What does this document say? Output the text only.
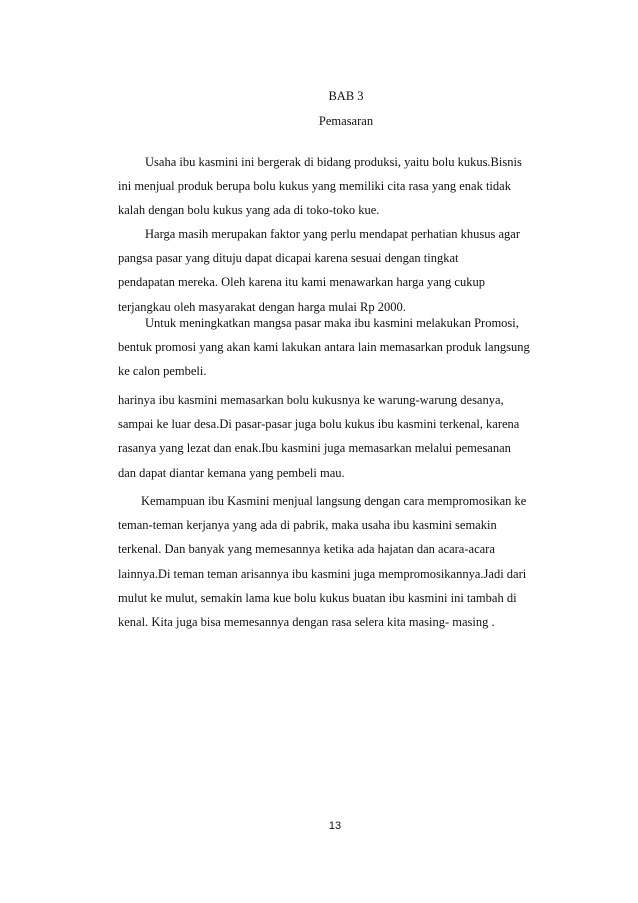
BAB 3
Pemasaran

Usaha ibu kasmini ini bergerak di bidang produksi, yaitu bolu kukus.Bisnis
ini menjual produk berupa bolu kukus yang memiliki cita rasa yang enak tidak
kalah dengan bolu kukus yang ada di toko-toko kue.

Harga masih merupakan faktor yang perlu mendapat perhatian khusus agar
pangsa pasar yang dituju dapat dicapai karena sesuai dengan tingkat
pendapatan mereka. Oleh karena itu kami menawarkan harga yang cukup
terjangkau oleh masyarakat dengan harga mulai Rp 2000.

Untuk meningkatkan mangsa pasar maka ibu kasmini melakukan Promosi,
bentuk promosi yang akan kami lakukan antara lain memasarkan produk langsung
ke calon pembeli.

harinya ibu kasmini memasarkan bolu kukusnya ke warung-warung desanya,
sampai ke luar desa.Di pasar-pasar juga bolu kukus ibu kasmini terkenal, karena
rasanya yang lezat dan enak.Ibu kasmini juga memasarkan melalui pemesanan
dan dapat diantar kemana yang pembeli mau.

Kemampuan ibu Kasmini menjual langsung dengan cara mempromosikan ke
teman-teman kerjanya yang ada di pabrik, maka usaha ibu kasmini semakin
terkenal. Dan banyak yang memesannya ketika ada hajatan dan acara-acara
lainnya.Di teman teman arisannya ibu kasmini juga mempromosikannya.Jadi dari
mulut ke mulut, semakin lama kue bolu kukus buatan ibu kasmini ini tambah di
kenal. Kita juga bisa memesannya dengan rasa selera kita masing- masing .

13
